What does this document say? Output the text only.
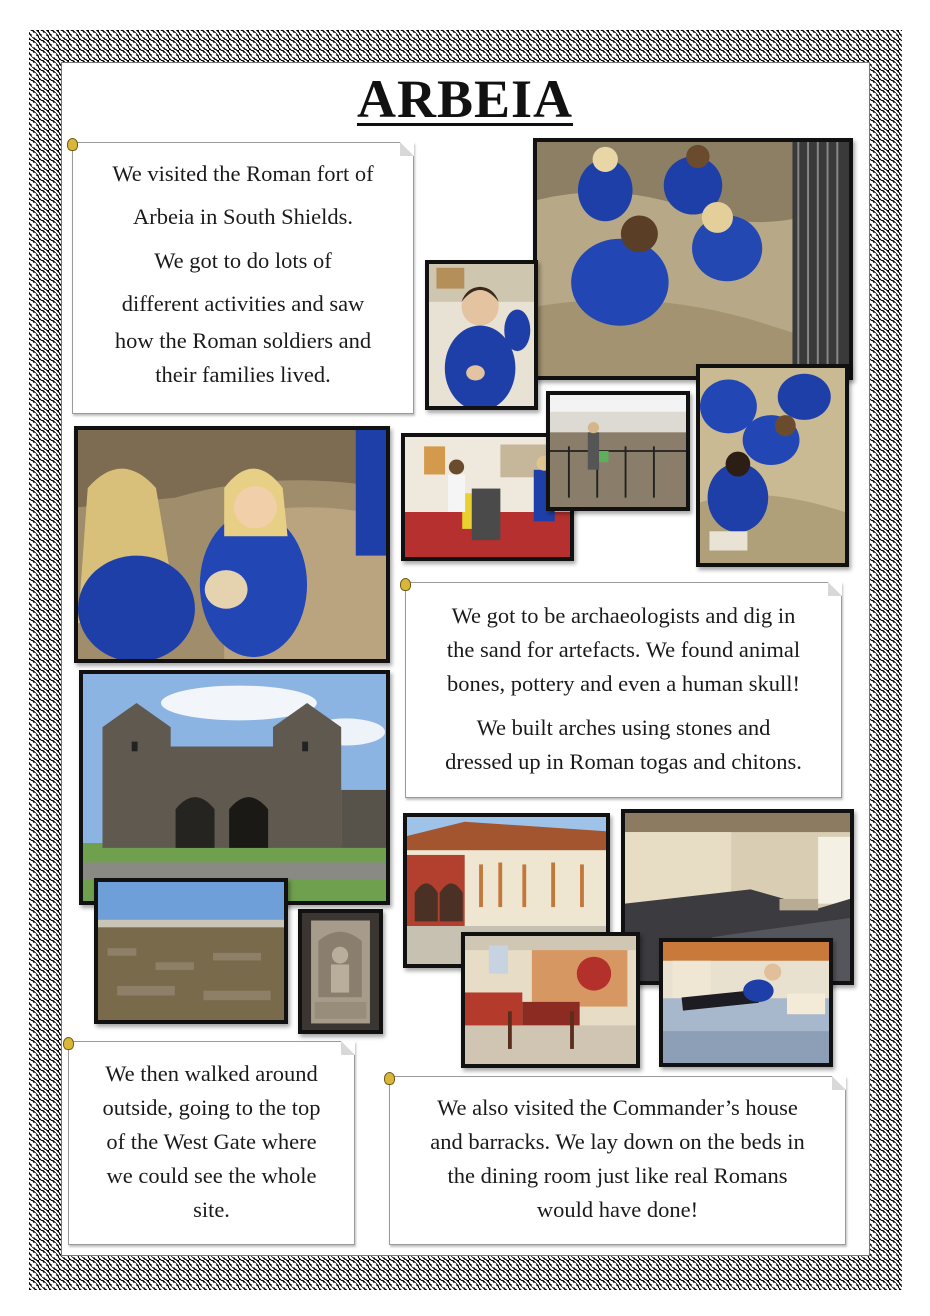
ARBEIA

We visited the Roman fort of

Arbeia in South Shields.

We got to do lots of

different activities and saw

how the Roman soldiers and

their families lived.

We got to be archaeologists and dig in

the sand for artefacts. We found animal

bones, pottery and even a human skull!

We built arches using stones and

dressed up in Roman togas and chitons.

We then walked around

outside, going to the top

of the West Gate where

we could see the whole

site.

We also visited the Commander’s house

and barracks. We lay down on the beds in

the dining room just like real Romans

would have done!
